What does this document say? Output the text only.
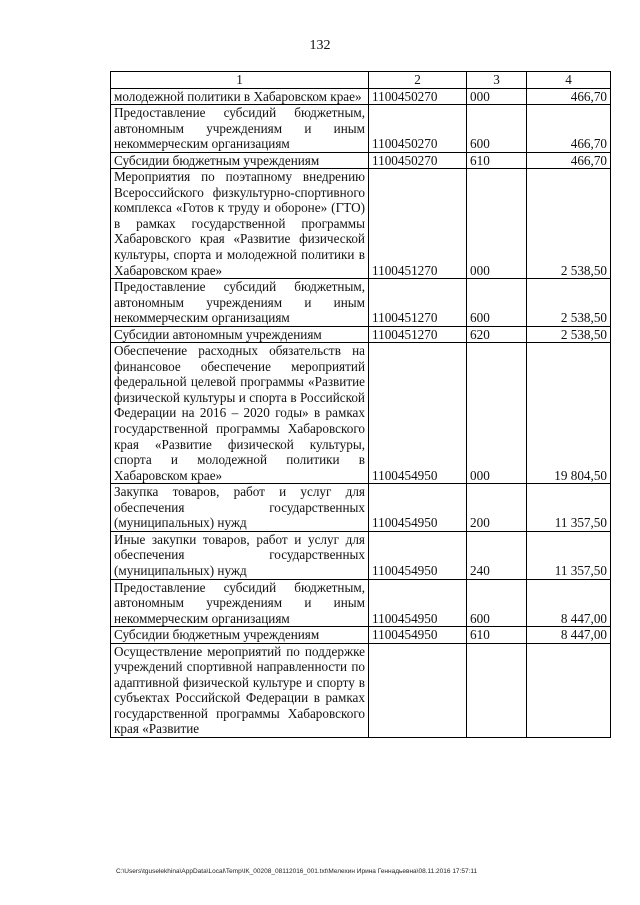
132
1	2	3	4
молодежной политики в Хабаровском крае»	1100450270	000	466,70
Предоставление субсидий бюджетным, автономным учреждениям и иным некоммерческим организациям	1100450270	600	466,70
Субсидии бюджетным учреждениям	1100450270	610	466,70
Мероприятия по поэтапному внедрению Всероссийского физкультурно-спортивного комплекса «Готов к труду и обороне» (ГТО) в рамках государственной программы Хабаровского края «Развитие физической культуры, спорта и молодежной политики в Хабаровском крае»	1100451270	000	2 538,50
Предоставление субсидий бюджетным, автономным учреждениям и иным некоммерческим организациям	1100451270	600	2 538,50
Субсидии автономным учреждениям	1100451270	620	2 538,50
Обеспечение расходных обязательств на финансовое обеспечение мероприятий федеральной целевой программы «Развитие физической культуры и спорта в Российской Федерации на 2016 – 2020 годы» в рамках государственной программы Хабаровского края «Развитие физической культуры, спорта и молодежной политики в Хабаровском крае»	1100454950	000	19 804,50
Закупка товаров, работ и услуг для обеспечения государственных (муниципальных) нужд	1100454950	200	11 357,50
Иные закупки товаров, работ и услуг для обеспечения государственных (муниципальных) нужд	1100454950	240	11 357,50
Предоставление субсидий бюджетным, автономным учреждениям и иным некоммерческим организациям	1100454950	600	8 447,00
Субсидии бюджетным учреждениям	1100454950	610	8 447,00
Осуществление мероприятий по поддержке учреждений спортивной направленности по адаптивной физической культуре и спорту в субъектах Российской Федерации в рамках государственной программы Хабаровского края «Развитие			
C:\Users\tguselekhina\AppData\Local\Temp\IK_00208_08112016_001.txt\Мелехин Ирина Геннадьевна\08.11.2016 17:57:11
